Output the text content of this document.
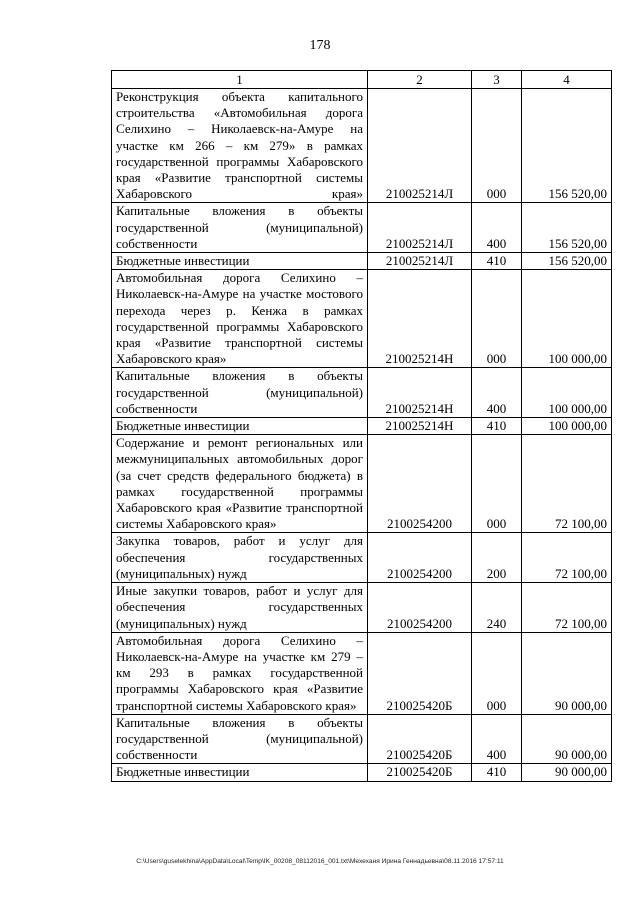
178
1	2	3	4
Реконструкция объекта капитального строительства «Автомобильная дорога Селихино – Николаевск-на-Амуре на участке км 266 – км 279» в рамках государственной программы Хабаровского края «Развитие транспортной системы Хабаровского края»	210025214Л	000	156 520,00
Капитальные вложения в объекты государственной (муниципальной) собственности	210025214Л	400	156 520,00
Бюджетные инвестиции	210025214Л	410	156 520,00
Автомобильная дорога Селихино – Николаевск-на-Амуре на участке мостового перехода через р. Кенжа в рамках государственной программы Хабаровского края «Развитие транспортной системы Хабаровского края»	210025214Н	000	100 000,00
Капитальные вложения в объекты государственной (муниципальной) собственности	210025214Н	400	100 000,00
Бюджетные инвестиции	210025214Н	410	100 000,00
Содержание и ремонт региональных или межмуниципальных автомобильных дорог (за счет средств федерального бюджета) в рамках государственной программы Хабаровского края «Развитие транспортной системы Хабаровского края»	2100254200	000	72 100,00
Закупка товаров, работ и услуг для обеспечения государственных (муниципальных) нужд	2100254200	200	72 100,00
Иные закупки товаров, работ и услуг для обеспечения государственных (муниципальных) нужд	2100254200	240	72 100,00
Автомобильная дорога Селихино – Николаевск-на-Амуре на участке км 279 – км 293 в рамках государственной программы Хабаровского края «Развитие транспортной системы Хабаровского края»	210025420Б	000	90 000,00
Капитальные вложения в объекты государственной (муниципальной) собственности	210025420Б	400	90 000,00
Бюджетные инвестиции	210025420Б	410	90 000,00
C:\Users\guselekhina\AppData\Local\Temp\IK_00208_08112016_001.txt\Мехеханя Ирина Геннадьевна\08.11.2016 17:57:11
